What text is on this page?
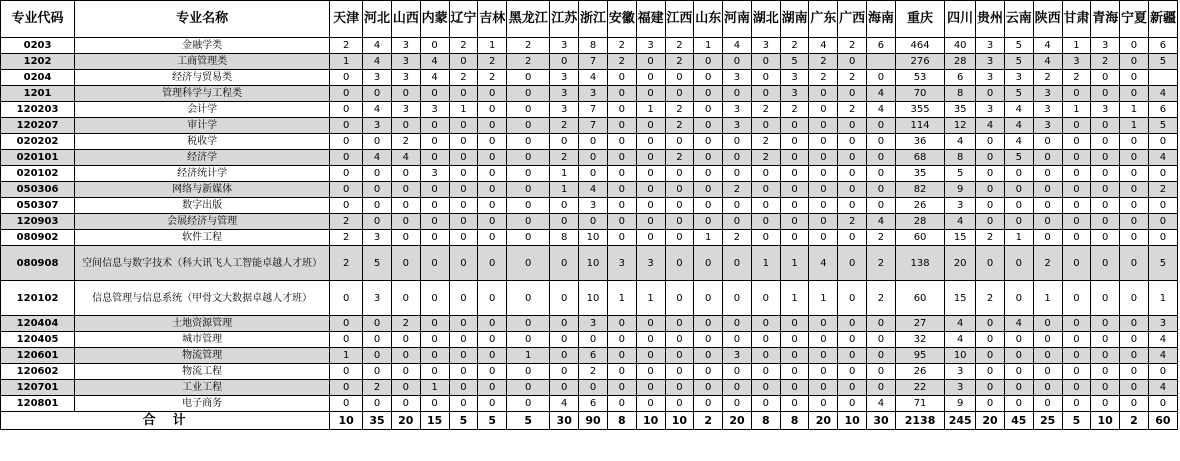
专业代码	专业名称	天津	河北	山西	内蒙	辽宁	吉林	黑龙江	江苏	浙江	安徽	福建	江西	山东	河南	湖北	湖南	广东	广西	海南	重庆	四川	贵州	云南	陕西	甘肃	青海	宁夏	新疆
0203	金融学类	2	4	3	0	2	1	2	3	8	2	3	2	1	4	3	2	4	2	6	464	40	3	5	4	1	3	0	6
1202	工商管理类	1	4	3	4	0	2	2	0	7	2	0	2	0	0	0	5	2	0		276	28	3	5	4	3	2	0	5
0204	经济与贸易类	0	3	3	4	2	2	0	3	4	0	0	0	0	3	0	3	2	2	0	53	6	3	3	2	2	0	0	
1201	管理科学与工程类	0	0	0	0	0	0	0	3	3	0	0	0	0	0	0	3	0	0	4	70	8	0	5	3	0	0	0	4
120203	会计学	0	4	3	3	1	0	0	3	7	0	1	2	0	3	2	2	0	2	4	355	35	3	4	3	1	3	1	6
120207	审计学	0	3	0	0	0	0	0	2	7	0	0	2	0	3	0	0	0	0	0	114	12	4	4	3	0	0	1	5
020202	税收学	0	0	2	0	0	0	0	0	0	0	0	0	0	0	2	0	0	0	0	36	4	0	4	0	0	0	0	0
020101	经济学	0	4	4	0	0	0	0	2	0	0	0	2	0	0	2	0	0	0	0	68	8	0	5	0	0	0	0	4
020102	经济统计学	0	0	0	3	0	0	0	1	0	0	0	0	0	0	0	0	0	0	0	35	5	0	0	0	0	0	0	0
050306	网络与新媒体	0	0	0	0	0	0	0	1	4	0	0	0	0	2	0	0	0	0	0	82	9	0	0	0	0	0	0	2
050307	数字出版	0	0	0	0	0	0	0	0	3	0	0	0	0	0	0	0	0	0	0	26	3	0	0	0	0	0	0	0
120903	会展经济与管理	2	0	0	0	0	0	0	0	0	0	0	0	0	0	0	0	0	2	4	28	4	0	0	0	0	0	0	0
080902	软件工程	2	3	0	0	0	0	0	8	10	0	0	0	1	2	0	0	0	0	2	60	15	2	1	0	0	0	0	0
080908	空间信息与数字技术（科大讯飞人工智能卓越人才班）	2	5	0	0	0	0	0	0	10	3	3	0	0	0	1	1	4	0	2	138	20	0	0	2	0	0	0	5
120102	信息管理与信息系统（甲骨文大数据卓越人才班）	0	3	0	0	0	0	0	0	10	1	1	0	0	0	0	1	1	0	2	60	15	2	0	1	0	0	0	1
120404	土地资源管理	0	0	2	0	0	0	0	0	3	0	0	0	0	0	0	0	0	0	0	27	4	0	4	0	0	0	0	3
120405	城市管理	0	0	0	0	0	0	0	0	0	0	0	0	0	0	0	0	0	0	0	32	4	0	0	0	0	0	0	4
120601	物流管理	1	0	0	0	0	0	1	0	6	0	0	0	0	3	0	0	0	0	0	95	10	0	0	0	0	0	0	4
120602	物流工程	0	0	0	0	0	0	0	0	2	0	0	0	0	0	0	0	0	0	0	26	3	0	0	0	0	0	0	0
120701	工业工程	0	2	0	1	0	0	0	0	0	0	0	0	0	0	0	0	0	0	0	22	3	0	0	0	0	0	0	4
120801	电子商务	0	0	0	0	0	0	0	4	6	0	0	0	0	0	0	0	0	0	4	71	9	0	0	0	0	0	0	0
合　计		10	35	20	15	5	5	5	30	90	8	10	10	2	20	8	8	20	10	30	2138	245	20	45	25	5	10	2	60
